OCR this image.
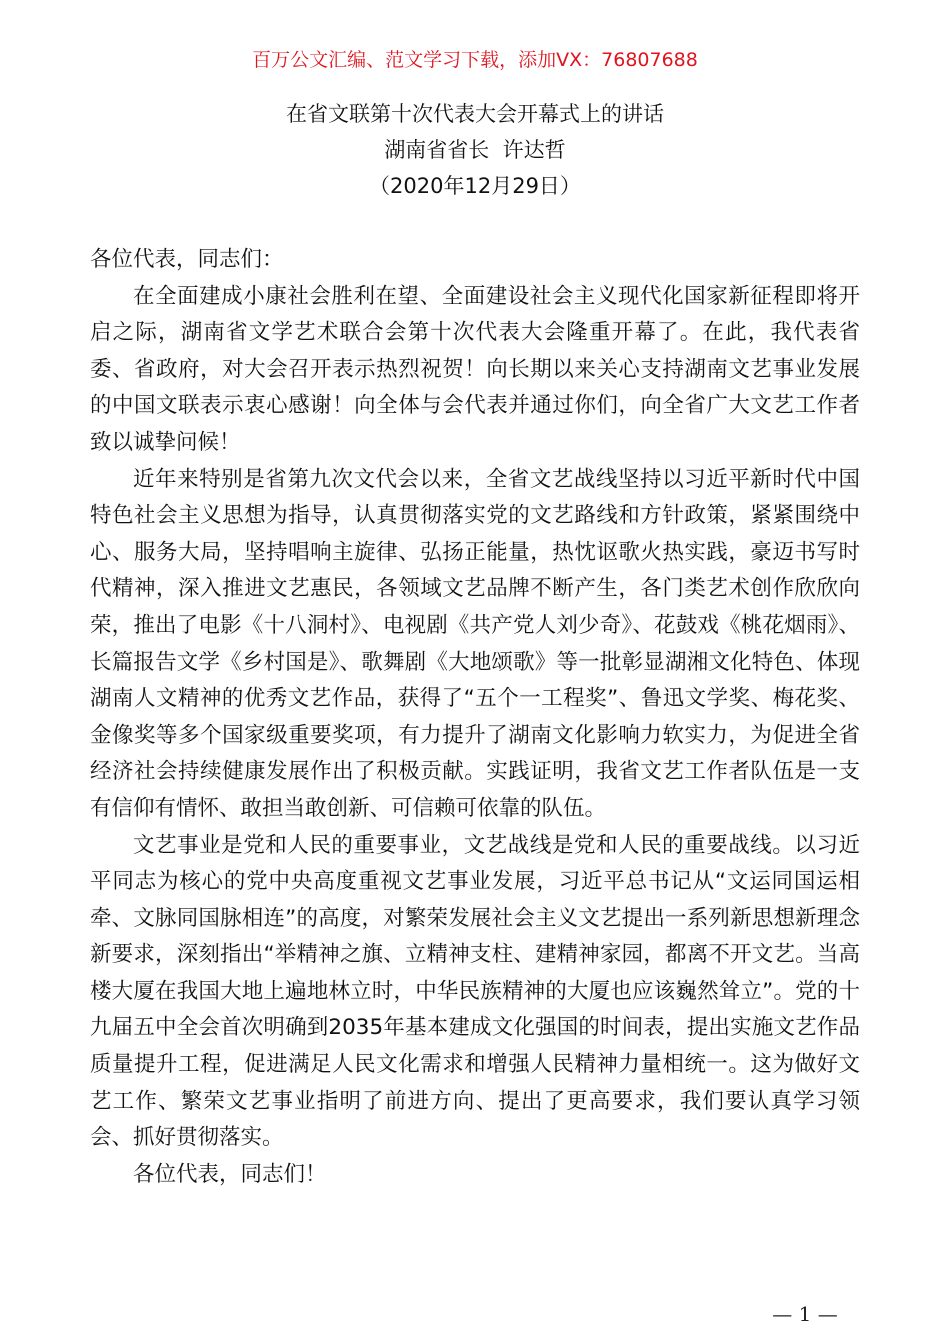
百万公文汇编、范文学习下载，添加VX：76807688
在省文联第十次代表大会开幕式上的讲话
湖南省省长  许达哲
（2020年12月29日）

各位代表，同志们：

在全面建成小康社会胜利在望、全面建设社会主义现代化国家新征程即将开启之际，湖南省文学艺术联合会第十次代表大会隆重开幕了。在此，我代表省委、省政府，对大会召开表示热烈祝贺！向长期以来关心支持湖南文艺事业发展的中国文联表示衷心感谢！向全体与会代表并通过你们，向全省广大文艺工作者致以诚挚问候！

近年来特别是省第九次文代会以来，全省文艺战线坚持以习近平新时代中国特色社会主义思想为指导，认真贯彻落实党的文艺路线和方针政策，紧紧围绕中心、服务大局，坚持唱响主旋律、弘扬正能量，热忱讴歌火热实践，豪迈书写时代精神，深入推进文艺惠民，各领域文艺品牌不断产生，各门类艺术创作欣欣向荣，推出了电影《十八洞村》、电视剧《共产党人刘少奇》、花鼓戏《桃花烟雨》、长篇报告文学《乡村国是》、歌舞剧《大地颂歌》等一批彰显湖湘文化特色、体现湖南人文精神的优秀文艺作品，获得了“五个一工程奖”、鲁迅文学奖、梅花奖、金像奖等多个国家级重要奖项，有力提升了湖南文化影响力软实力，为促进全省经济社会持续健康发展作出了积极贡献。实践证明，我省文艺工作者队伍是一支有信仰有情怀、敢担当敢创新、可信赖可依靠的队伍。

文艺事业是党和人民的重要事业，文艺战线是党和人民的重要战线。以习近平同志为核心的党中央高度重视文艺事业发展，习近平总书记从“文运同国运相牵、文脉同国脉相连”的高度，对繁荣发展社会主义文艺提出一系列新思想新理念新要求，深刻指出“举精神之旗、立精神支柱、建精神家园，都离不开文艺。当高楼大厦在我国大地上遍地林立时，中华民族精神的大厦也应该巍然耸立”。党的十九届五中全会首次明确到2035年基本建成文化强国的时间表，提出实施文艺作品质量提升工程，促进满足人民文化需求和增强人民精神力量相统一。这为做好文艺工作、繁荣文艺事业指明了前进方向、提出了更高要求，我们要认真学习领会、抓好贯彻落实。

各位代表，同志们！

— 1 —
